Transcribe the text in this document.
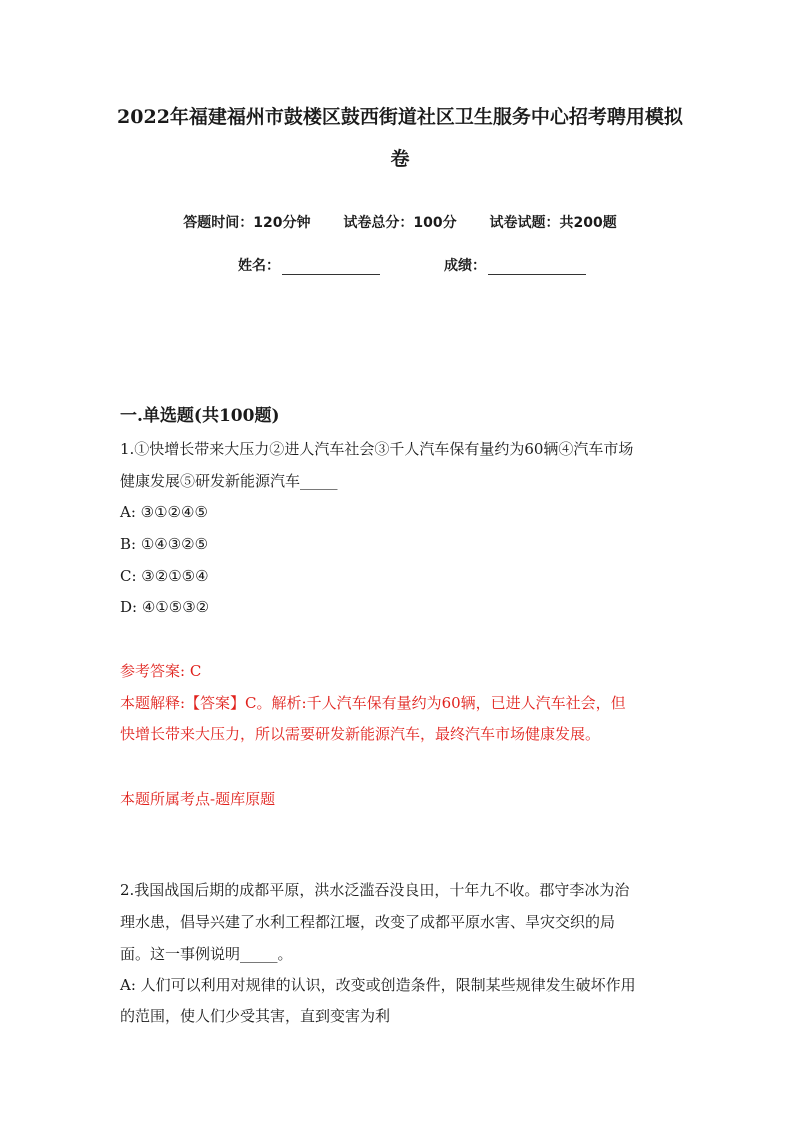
2022年福建福州市鼓楼区鼓西街道社区卫生服务中心招考聘用模拟
卷
答题时间：120分钟 试卷总分：100分 试卷试题：共200题
姓名：	成绩：
一.单选题(共100题)
1.①快增长带来大压力②进人汽车社会③千人汽车保有量约为60辆④汽车市场
健康发展⑤研发新能源汽车_____
A: ③①②④⑤
B: ①④③②⑤
C: ③②①⑤④
D: ④①⑤③②
参考答案: C
本题解释:【答案】C。解析:千人汽车保有量约为60辆，已进人汽车社会，但
快增长带来大压力，所以需要研发新能源汽车，最终汽车市场健康发展。
本题所属考点-题库原题
2.我国战国后期的成都平原，洪水泛滥吞没良田，十年九不收。郡守李冰为治
理水患，倡导兴建了水利工程都江堰，改变了成都平原水害、旱灾交织的局
面。这一事例说明_____。
A: 人们可以利用对规律的认识，改变或创造条件，限制某些规律发生破坏作用
的范围，使人们少受其害，直到变害为利
